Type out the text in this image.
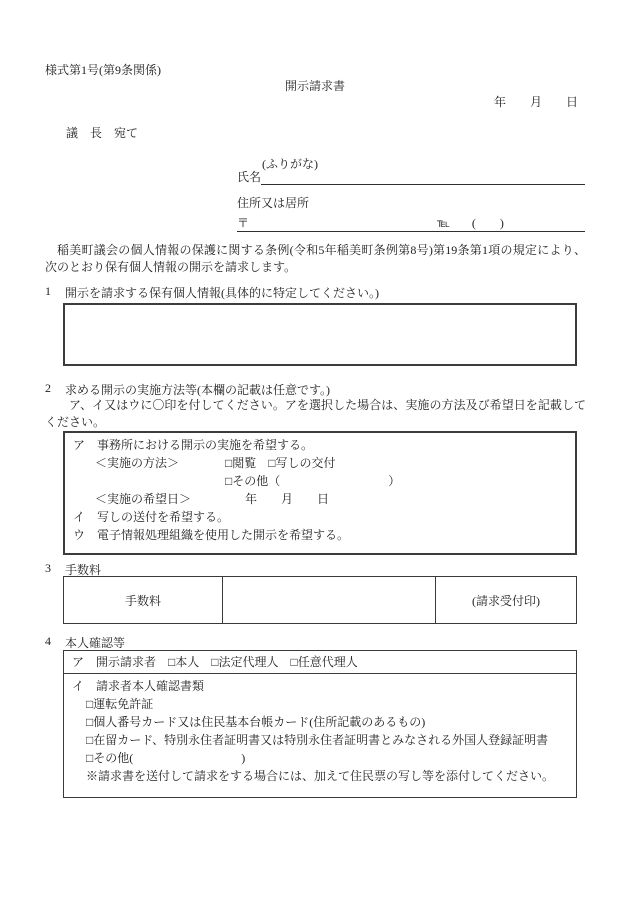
様式第1号(第9条関係)
開示請求書
年　　月　　日
議　長　宛て
(ふりがな)
氏名
住所又は居所
〒	℡ (　　)
稲美町議会の個人情報の保護に関する条例(令和5年稲美町条例第8号)第19条第1項の規定により、次のとおり保有個人情報の開示を請求します。
1	開示を請求する保有個人情報(具体的に特定してください。)
2	求める開示の実施方法等(本欄の記載は任意です。)
ア、イ又はウに〇印を付してください。アを選択した場合は、実施の方法及び希望日を記載してください。
ア　事務所における開示の実施を希望する。
＜実施の方法＞	□閲覧　□写しの交付
□その他（　　　　　　　　　）
＜実施の希望日＞	年　　月　　日
イ　写しの送付を希望する。
ウ　電子情報処理組織を使用した開示を希望する。
3	手数料
手数料	(請求受付印)
4	本人確認等
ア　開示請求者　□本人　□法定代理人　□任意代理人
イ　請求者本人確認書類
□運転免許証
□個人番号カード又は住民基本台帳カード(住所記載のあるもの)
□在留カード、特別永住者証明書又は特別永住者証明書とみなされる外国人登録証明書
□その他(　　　　　　　　　)
※請求書を送付して請求をする場合には、加えて住民票の写し等を添付してください。
